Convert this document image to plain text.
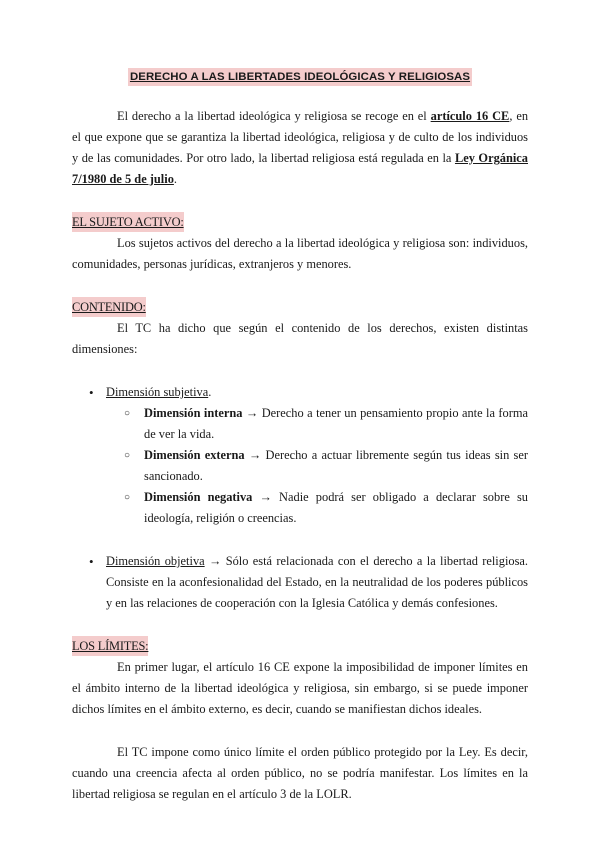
DERECHO A LAS LIBERTADES IDEOLÓGICAS Y RELIGIOSAS

El derecho a la libertad ideológica y religiosa se recoge en el artículo 16 CE, en el que expone que se garantiza la libertad ideológica, religiosa y de culto de los individuos y de las comunidades. Por otro lado, la libertad religiosa está regulada en la Ley Orgánica 7/1980 de 5 de julio.

EL SUJETO ACTIVO:

Los sujetos activos del derecho a la libertad ideológica y religiosa son: individuos, comunidades, personas jurídicas, extranjeros y menores.

CONTENIDO:

El TC ha dicho que según el contenido de los derechos, existen distintas dimensiones:

• Dimensión subjetiva.
○ Dimensión interna → Derecho a tener un pensamiento propio ante la forma de ver la vida.
○ Dimensión externa → Derecho a actuar libremente según tus ideas sin ser sancionado.
○ Dimensión negativa → Nadie podrá ser obligado a declarar sobre su ideología, religión o creencias.
• Dimensión objetiva → Sólo está relacionada con el derecho a la libertad religiosa. Consiste en la aconfesionalidad del Estado, en la neutralidad de los poderes públicos y en las relaciones de cooperación con la Iglesia Católica y demás confesiones.
LOS LÍMITES:

En primer lugar, el artículo 16 CE expone la imposibilidad de imponer límites en el ámbito interno de la libertad ideológica y religiosa, sin embargo, si se puede imponer dichos límites en el ámbito externo, es decir, cuando se manifiestan dichos ideales.

El TC impone como único límite el orden público protegido por la Ley. Es decir, cuando una creencia afecta al orden público, no se podría manifestar. Los límites en la libertad religiosa se regulan en el artículo 3 de la LOLR.
